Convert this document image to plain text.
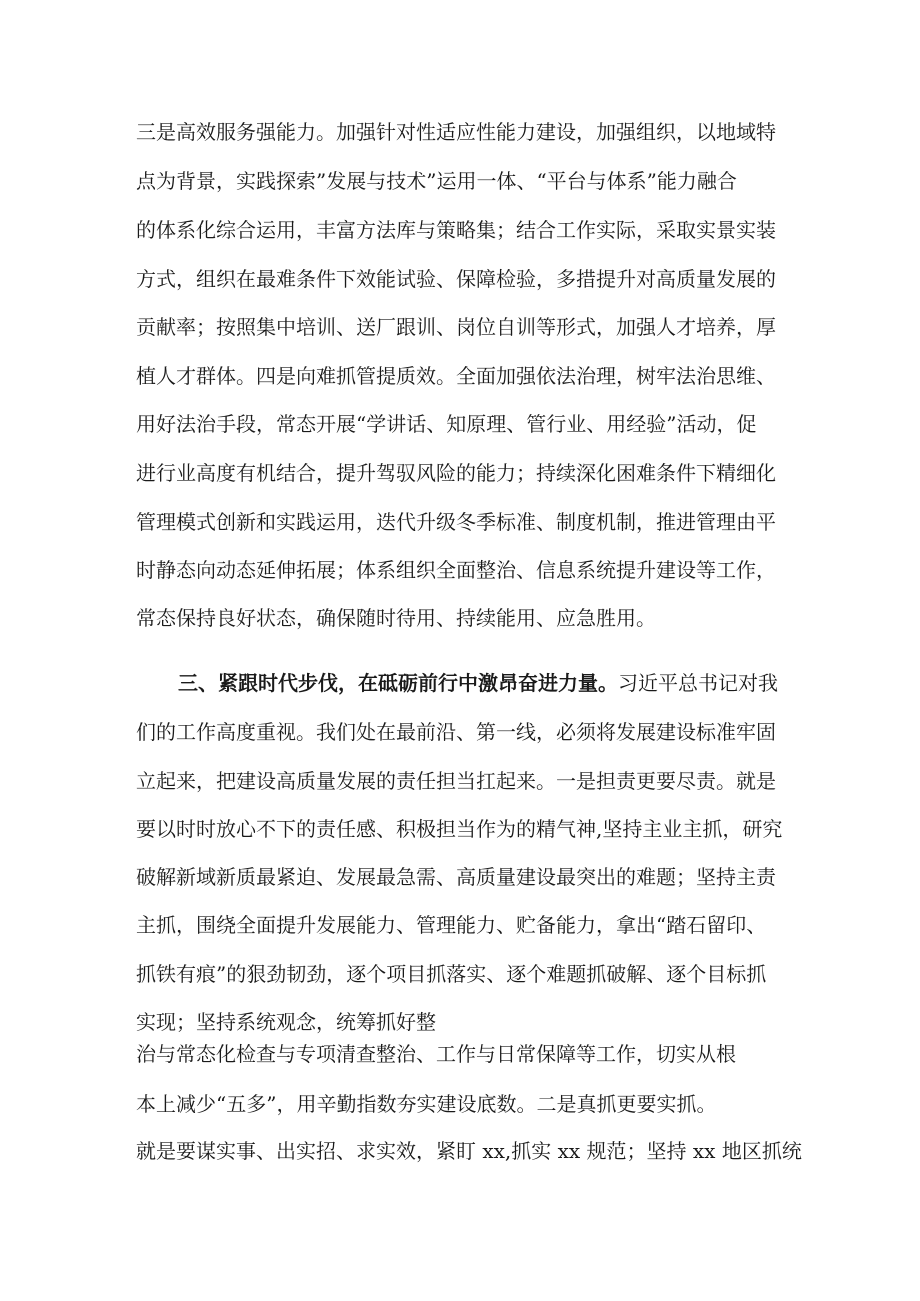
三是高效服务强能力。加强针对性适应性能力建设，加强组织，以地域特

点为背景，实践探索”发展与技术”运用一体、“平台与体系”能力融合

的体系化综合运用，丰富方法库与策略集；结合工作实际，采取实景实装

方式，组织在最难条件下效能试验、保障检验，多措提升对高质量发展的

贡献率；按照集中培训、送厂跟训、岗位自训等形式，加强人才培养，厚

植人才群体。四是向难抓管提质效。全面加强依法治理，树牢法治思维、

用好法治手段，常态开展“学讲话、知原理、管行业、用经验”活动，促

进行业高度有机结合，提升驾驭风险的能力；持续深化困难条件下精细化

管理模式创新和实践运用，迭代升级冬季标准、制度机制，推进管理由平

时静态向动态延伸拓展；体系组织全面整治、信息系统提升建设等工作，

常态保持良好状态，确保随时待用、持续能用、应急胜用。

三、紧跟时代步伐，在砥砺前行中激昂奋进力量。习近平总书记对我

们的工作高度重视。我们处在最前沿、第一线，必须将发展建设标准牢固

立起来，把建设高质量发展的责任担当扛起来。一是担责更要尽责。就是

要以时时放心不下的责任感、积极担当作为的精气神,坚持主业主抓，研究

破解新域新质最紧迫、发展最急需、高质量建设最突出的难题；坚持主责

主抓，围绕全面提升发展能力、管理能力、贮备能力，拿出“踏石留印、

抓铁有痕”的狠劲韧劲，逐个项目抓落实、逐个难题抓破解、逐个目标抓

实现；坚持系统观念，统筹抓好整

治与常态化检查与专项清查整治、工作与日常保障等工作，切实从根

本上减少“五多”，用辛勤指数夯实建设底数。二是真抓更要实抓。

就是要谋实事、出实招、求实效，紧盯 xx,抓实 xx 规范；坚持 xx 地区抓统
